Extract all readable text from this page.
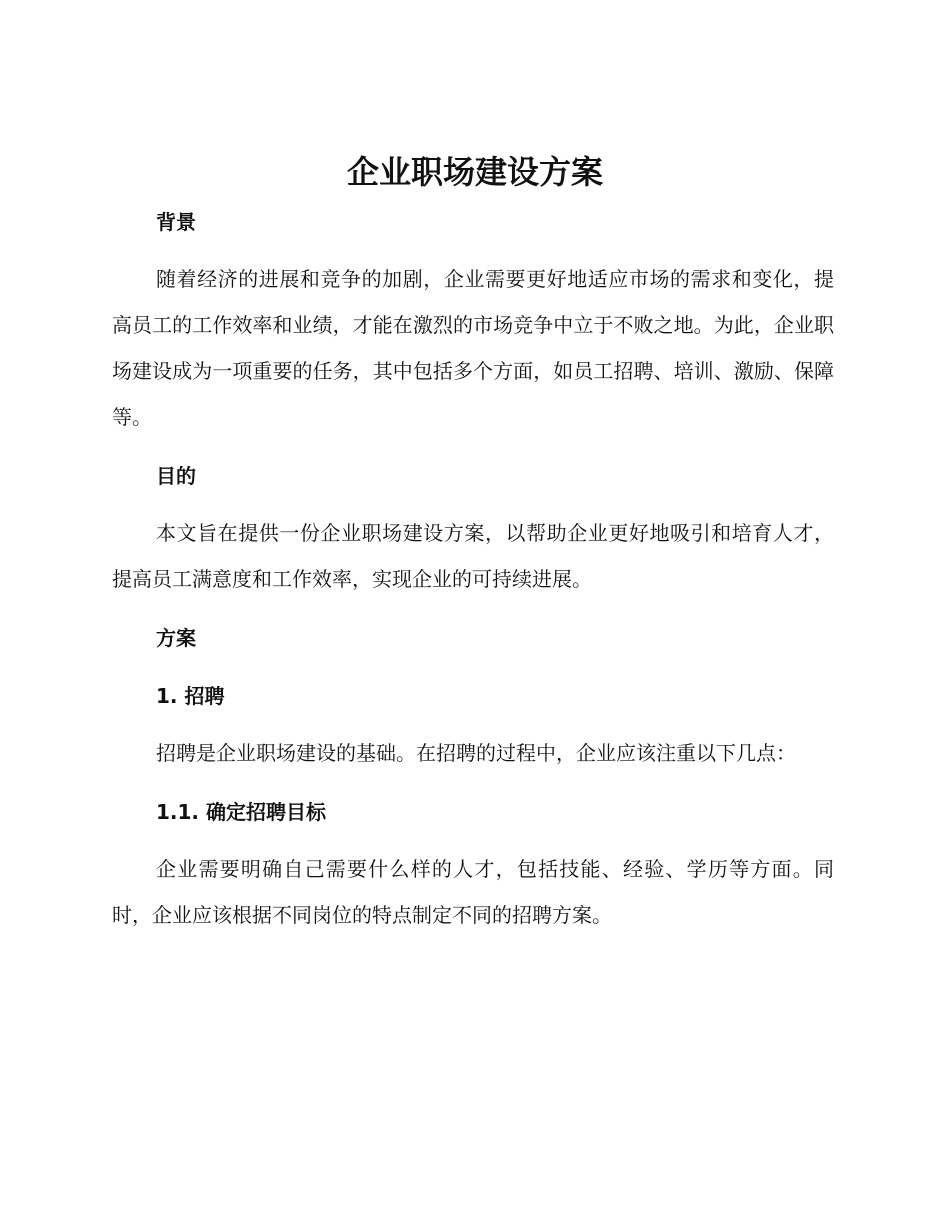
企业职场建设方案
背景

随着经济的进展和竞争的加剧，企业需要更好地适应市场的需求和变化，提高员工的工作效率和业绩，才能在激烈的市场竞争中立于不败之地。为此，企业职场建设成为一项重要的任务，其中包括多个方面，如员工招聘、培训、激励、保障等。

目的

本文旨在提供一份企业职场建设方案，以帮助企业更好地吸引和培育人才，提高员工满意度和工作效率，实现企业的可持续进展。

方案
1. 招聘

招聘是企业职场建设的基础。在招聘的过程中，企业应该注重以下几点：

1.1. 确定招聘目标

企业需要明确自己需要什么样的人才，包括技能、经验、学历等方面。同时，企业应该根据不同岗位的特点制定不同的招聘方案。
